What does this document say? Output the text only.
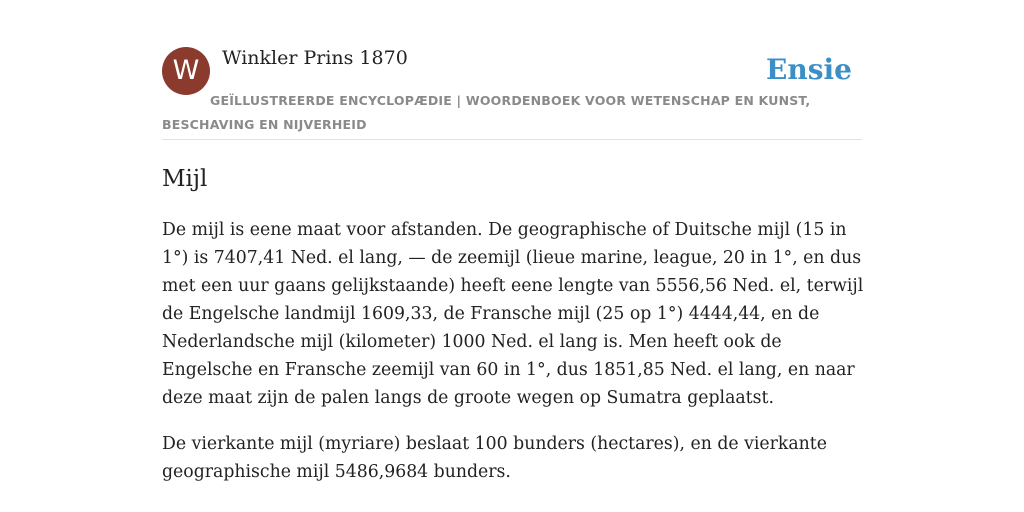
W	Winkler Prins 1870	Ensie
GEÏLLUSTREERDE ENCYCLOPÆDIE | WOORDENBOEK VOOR WETENSCHAP EN KUNST, BESCHAVING EN NIJVERHEID
Mijl

De mijl is eene maat voor afstanden. De geographische of Duitsche mijl (15 in 1°) is 7407,41 Ned. el lang, — de zeemijl (lieue marine, league, 20 in 1°, en dus met een uur gaans gelijkstaande) heeft eene lengte van 5556,56 Ned. el, terwijl de Engelsche landmijl 1609,33, de Fransche mijl (25 op 1°) 4444,44, en de Nederlandsche mijl (kilometer) 1000 Ned. el lang is. Men heeft ook de Engelsche en Fransche zeemijl van 60 in 1°, dus 1851,85 Ned. el lang, en naar deze maat zijn de palen langs de groote wegen op Sumatra geplaatst.

De vierkante mijl (myriare) beslaat 100 bunders (hectares), en de vierkante geographische mijl 5486,9684 bunders.
